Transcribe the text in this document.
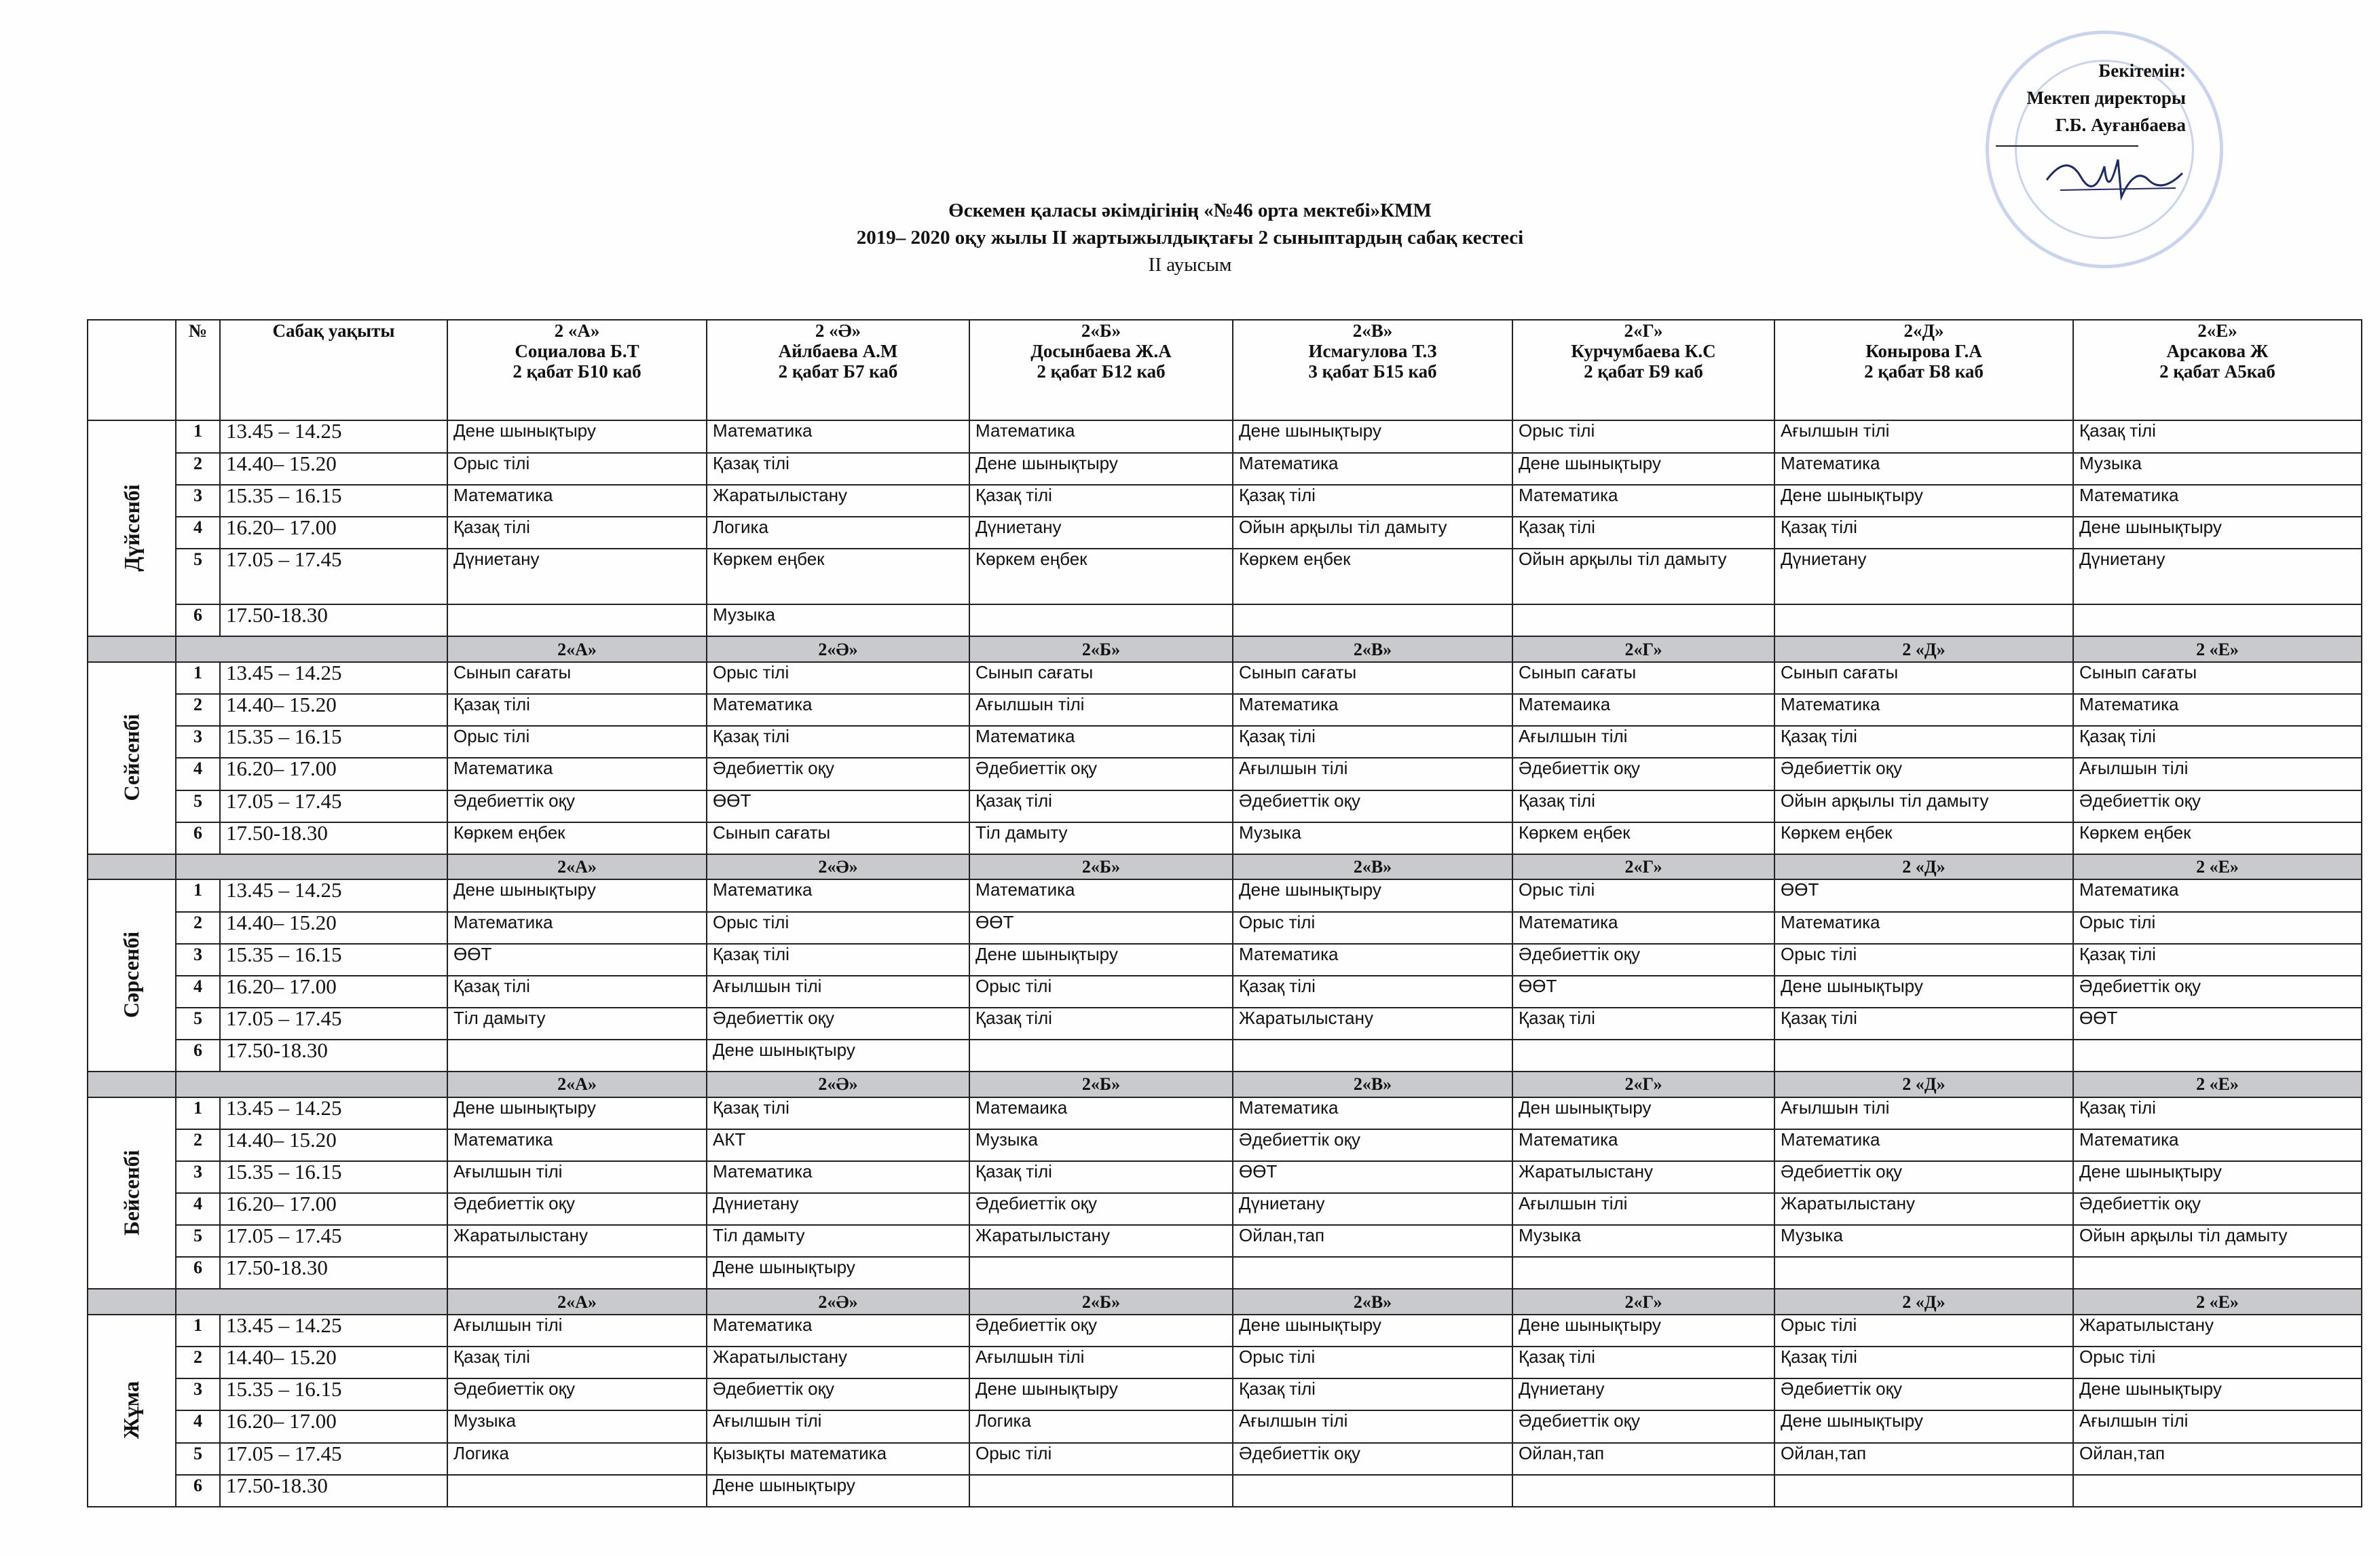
Бекітемін:
Мектеп директоры
Г.Б. Ауғанбаева
Өскемен қаласы әкімдігінің «№46 орта мектебі»КММ
2019– 2020 оқу жылы ІІ жартыжылдықтағы 2 сыныптардың сабақ кестесі
ІІ ауысым
	№	Сабақ уақыты	2 «А»
Социалова Б.Т
2 қабат Б10 каб	2 «Ә»
Айлбаева А.М
2 қабат Б7 каб	2«Б»
Досынбаева Ж.А
2 қабат Б12 каб	2«В»
Исмагулова Т.З
3 қабат Б15 каб	2«Г»
Курчумбаева К.С
2 қабат Б9 каб	2«Д»
Конырова Г.А
2 қабат Б8 каб	2«Е»
Арсакова Ж
2 қабат А5каб
Дүйсенбі	1	13.45 – 14.25	Дене шынықтыру	Математика	Математика	Дене шынықтыру	Орыс тілі	Ағылшын тілі	Қазақ тілі
	2	14.40– 15.20	Орыс тілі	Қазақ тілі	Дене шынықтыру	Математика	Дене шынықтыру	Математика	Музыка
	3	15.35 – 16.15	Математика	Жаратылыстану	Қазақ тілі	Қазақ тілі	Математика	Дене шынықтыру	Математика
	4	16.20– 17.00	Қазақ тілі	Логика	Дүниетану	Ойын арқылы тіл дамыту	Қазақ тілі	Қазақ тілі	Дене шынықтыру
	5	17.05 – 17.45	Дүниетану	Көркем еңбек	Көркем еңбек	Көркем еңбек	Ойын арқылы тіл дамыту	Дүниетану	Дүниетану
	6	17.50-18.30		Музыка					
			2«А»	2«Ә»	2«Б»	2«В»	2«Г»	2 «Д»	2 «Е»
Сейсенбі	1	13.45 – 14.25	Сынып сағаты	Орыс тілі	Сынып сағаты	Сынып сағаты	Сынып сағаты	Сынып сағаты	Сынып сағаты
	2	14.40– 15.20	Қазақ тілі	Математика	Ағылшын тілі	Математика	Матемаика	Математика	Математика
	3	15.35 – 16.15	Орыс тілі	Қазақ тілі	Математика	Қазақ тілі	Ағылшын тілі	Қазақ тілі	Қазақ тілі
	4	16.20– 17.00	Математика	Әдебиеттік оқу	Әдебиеттік оқу	Ағылшын тілі	Әдебиеттік оқу	Әдебиеттік оқу	Ағылшын тілі
	5	17.05 – 17.45	Әдебиеттік оқу	ӨӨТ	Қазақ тілі	Әдебиеттік оқу	Қазақ тілі	Ойын арқылы тіл дамыту	Әдебиеттік оқу
	6	17.50-18.30	Көркем еңбек	Сынып сағаты	Тіл дамыту	Музыка	Көркем еңбек	Көркем еңбек	Көркем еңбек
			2«А»	2«Ә»	2«Б»	2«В»	2«Г»	2 «Д»	2 «Е»
Сәрсенбі	1	13.45 – 14.25	Дене шынықтыру	Математика	Математика	Дене шынықтыру	Орыс тілі	ӨӨТ	Математика
	2	14.40– 15.20	Математика	Орыс тілі	ӨӨТ	Орыс тілі	Математика	Математика	Орыс тілі
	3	15.35 – 16.15	ӨӨТ	Қазақ тілі	Дене шынықтыру	Математика	Әдебиеттік оқу	Орыс тілі	Қазақ тілі
	4	16.20– 17.00	Қазақ тілі	Ағылшын тілі	Орыс тілі	Қазақ тілі	ӨӨТ	Дене шынықтыру	Әдебиеттік оқу
	5	17.05 – 17.45	Тіл дамыту	Әдебиеттік оқу	Қазақ тілі	Жаратылыстану	Қазақ тілі	Қазақ тілі	ӨӨТ
	6	17.50-18.30		Дене шынықтыру					
			2«А»	2«Ә»	2«Б»	2«В»	2«Г»	2 «Д»	2 «Е»
Бейсенбі	1	13.45 – 14.25	Дене шынықтыру	Қазақ тілі	Матемаика	Математика	Ден шынықтыру	Ағылшын тілі	Қазақ тілі
	2	14.40– 15.20	Математика	АКТ	Музыка	Әдебиеттік оқу	Математика	Математика	Математика
	3	15.35 – 16.15	Ағылшын тілі	Математика	Қазақ тілі	ӨӨТ	Жаратылыстану	Әдебиеттік оқу	Дене шынықтыру
	4	16.20– 17.00	Әдебиеттік оқу	Дүниетану	Әдебиеттік оқу	Дүниетану	Ағылшын тілі	Жаратылыстану	Әдебиеттік оқу
	5	17.05 – 17.45	Жаратылыстану	Тіл дамыту	Жаратылыстану	Ойлан,тап	Музыка	Музыка	Ойын арқылы тіл дамыту
	6	17.50-18.30		Дене шынықтыру					
			2«А»	2«Ә»	2«Б»	2«В»	2«Г»	2 «Д»	2 «Е»
Жұма	1	13.45 – 14.25	Ағылшын тілі	Математика	Әдебиеттік оқу	Дене шынықтыру	Дене шынықтыру	Орыс тілі	Жаратылыстану
	2	14.40– 15.20	Қазақ тілі	Жаратылыстану	Ағылшын тілі	Орыс тілі	Қазақ тілі	Қазақ тілі	Орыс тілі
	3	15.35 – 16.15	Әдебиеттік оқу	Әдебиеттік оқу	Дене шынықтыру	Қазақ тілі	Дүниетану	Әдебиеттік оқу	Дене шынықтыру
	4	16.20– 17.00	Музыка	Ағылшын тілі	Логика	Ағылшын тілі	Әдебиеттік оқу	Дене шынықтыру	Ағылшын тілі
	5	17.05 – 17.45	Логика	Қызықты математика	Орыс тілі	Әдебиеттік оқу	Ойлан,тап	Ойлан,тап	Ойлан,тап
	6	17.50-18.30		Дене шынықтыру					
